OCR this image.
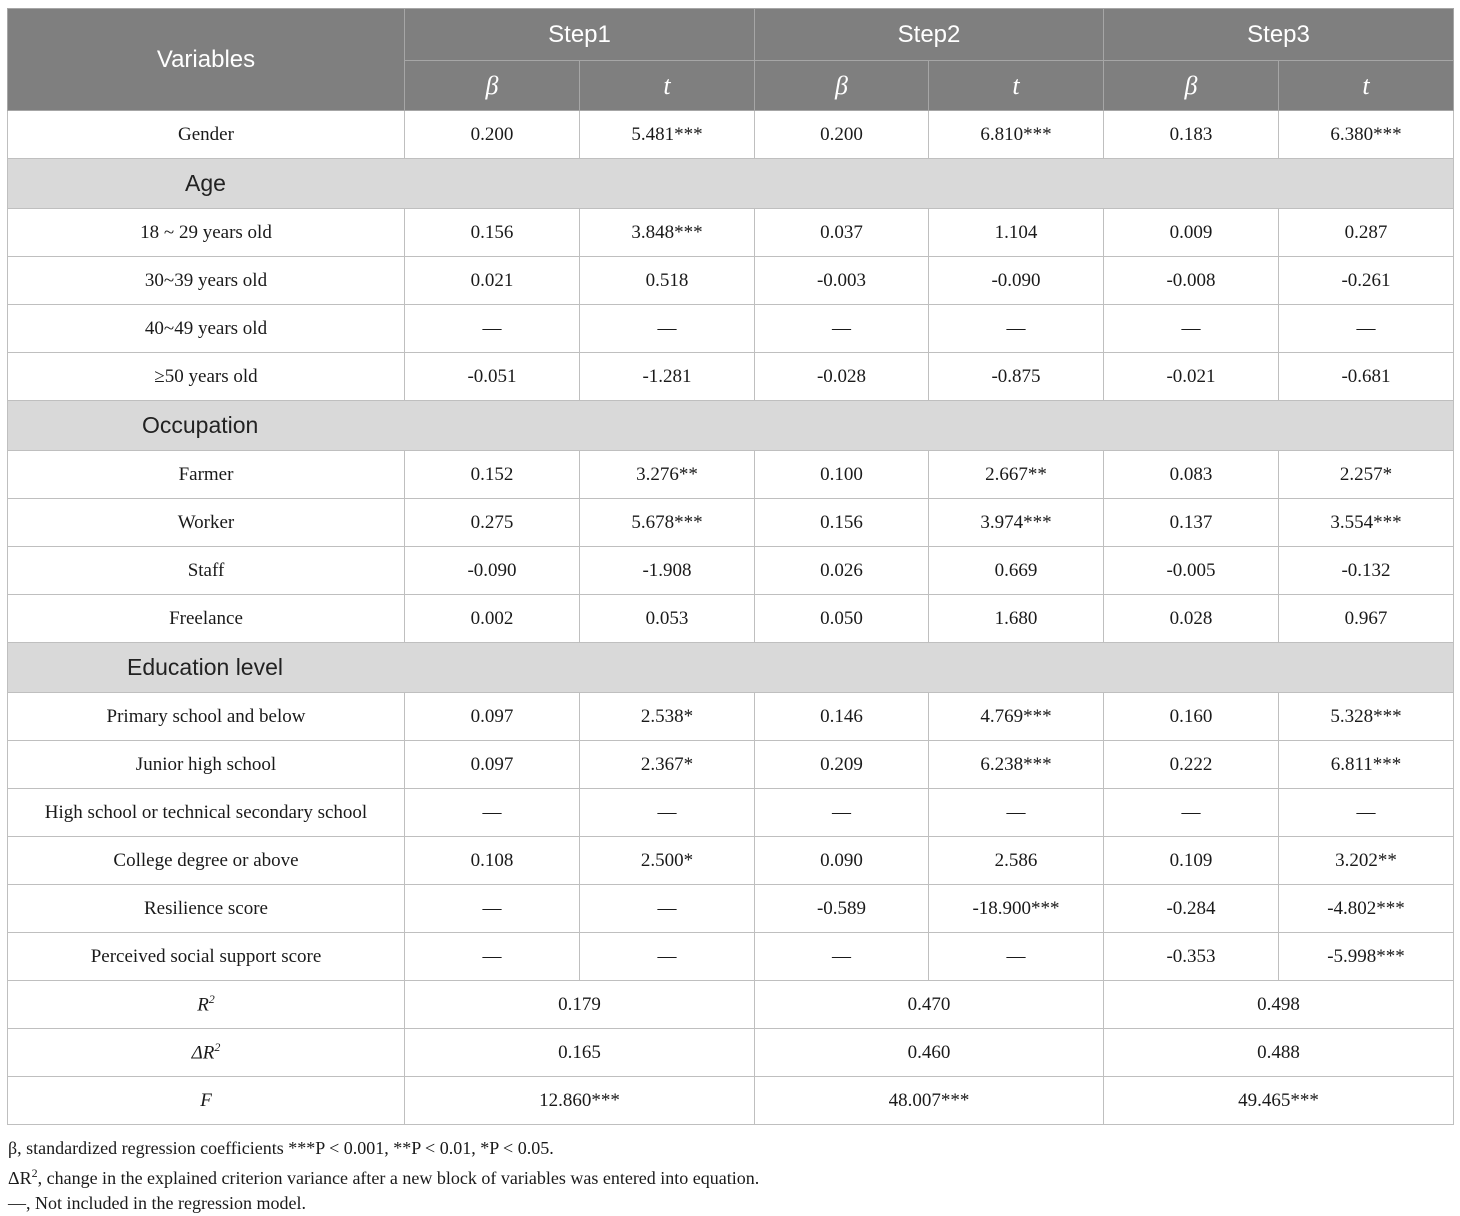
Variables	Step1		Step2		Step3	
	β	t	β	t	β	t
Gender	0.200	5.481***	0.200	6.810***	0.183	6.380***
Age						
18 ~ 29 years old	0.156	3.848***	0.037	1.104	0.009	0.287
30~39 years old	0.021	0.518	-0.003	-0.090	-0.008	-0.261
40~49 years old	—	—	—	—	—	—
≥50 years old	-0.051	-1.281	-0.028	-0.875	-0.021	-0.681
Occupation						
Farmer	0.152	3.276**	0.100	2.667**	0.083	2.257*
Worker	0.275	5.678***	0.156	3.974***	0.137	3.554***
Staff	-0.090	-1.908	0.026	0.669	-0.005	-0.132
Freelance	0.002	0.053	0.050	1.680	0.028	0.967
Education level						
Primary school and below	0.097	2.538*	0.146	4.769***	0.160	5.328***
Junior high school	0.097	2.367*	0.209	6.238***	0.222	6.811***
High school or technical secondary school	—	—	—	—	—	—
College degree or above	0.108	2.500*	0.090	2.586	0.109	3.202**
Resilience score	—	—	-0.589	-18.900***	-0.284	-4.802***
Perceived social support score	—	—	—	—	-0.353	-5.998***
$R^2$	0.179		0.470		0.498	
$\Delta R^2$	0.165		0.460		0.488	
F	12.860***		48.007***		49.465***	
β, standardized regression coefficients ***P < 0.001, **P < 0.01, *P < 0.05.
$\Delta R^2$, change in the explained criterion variance after a new block of variables was entered into equation.
—, Not included in the regression model.
